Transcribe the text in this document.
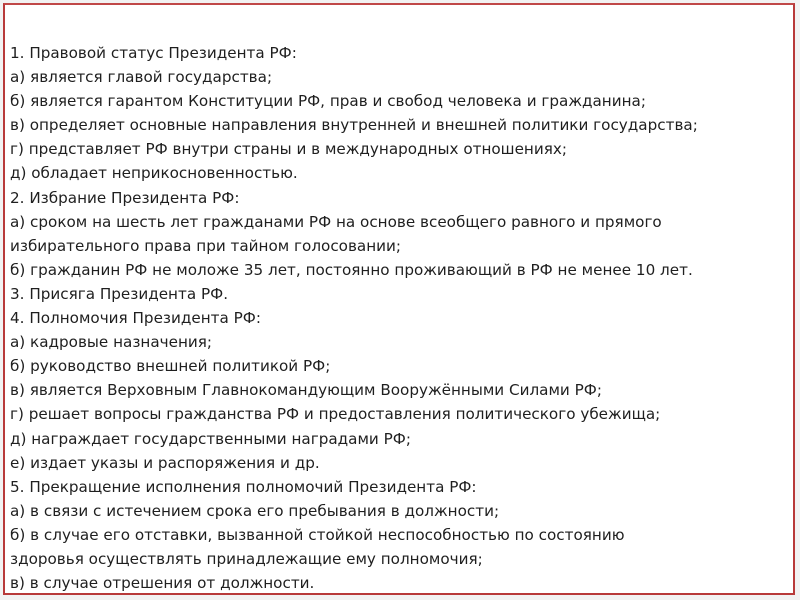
1. Правовой статус Президента РФ:
а) является главой государства;
б) является гарантом Конституции РФ, прав и свобод человека и гражданина;
в) определяет основные направления внутренней и внешней политики государства;
г) представляет РФ внутри страны и в международных отношениях;
д) обладает неприкосновенностью.
2. Избрание Президента РФ:
а) сроком на шесть лет гражданами РФ на основе всеобщего равного и прямого
избирательного права при тайном голосовании;
б) гражданин РФ не моложе 35 лет, постоянно проживающий в РФ не менее 10 лет.
3. Присяга Президента РФ.
4. Полномочия Президента РФ:
а) кадровые назначения;
б) руководство внешней политикой РФ;
в) является Верховным Главнокомандующим Вооружёнными Силами РФ;
г) решает вопросы гражданства РФ и предоставления политического убежища;
д) награждает государственными наградами РФ;
е) издает указы и распоряжения и др.
5. Прекращение исполнения полномочий Президента РФ:
а) в связи с истечением срока его пребывания в должности;
б) в случае его отставки, вызванной стойкой неспособностью по состоянию
здоровья осуществлять принадлежащие ему полномочия;
в) в случае отрешения от должности.
